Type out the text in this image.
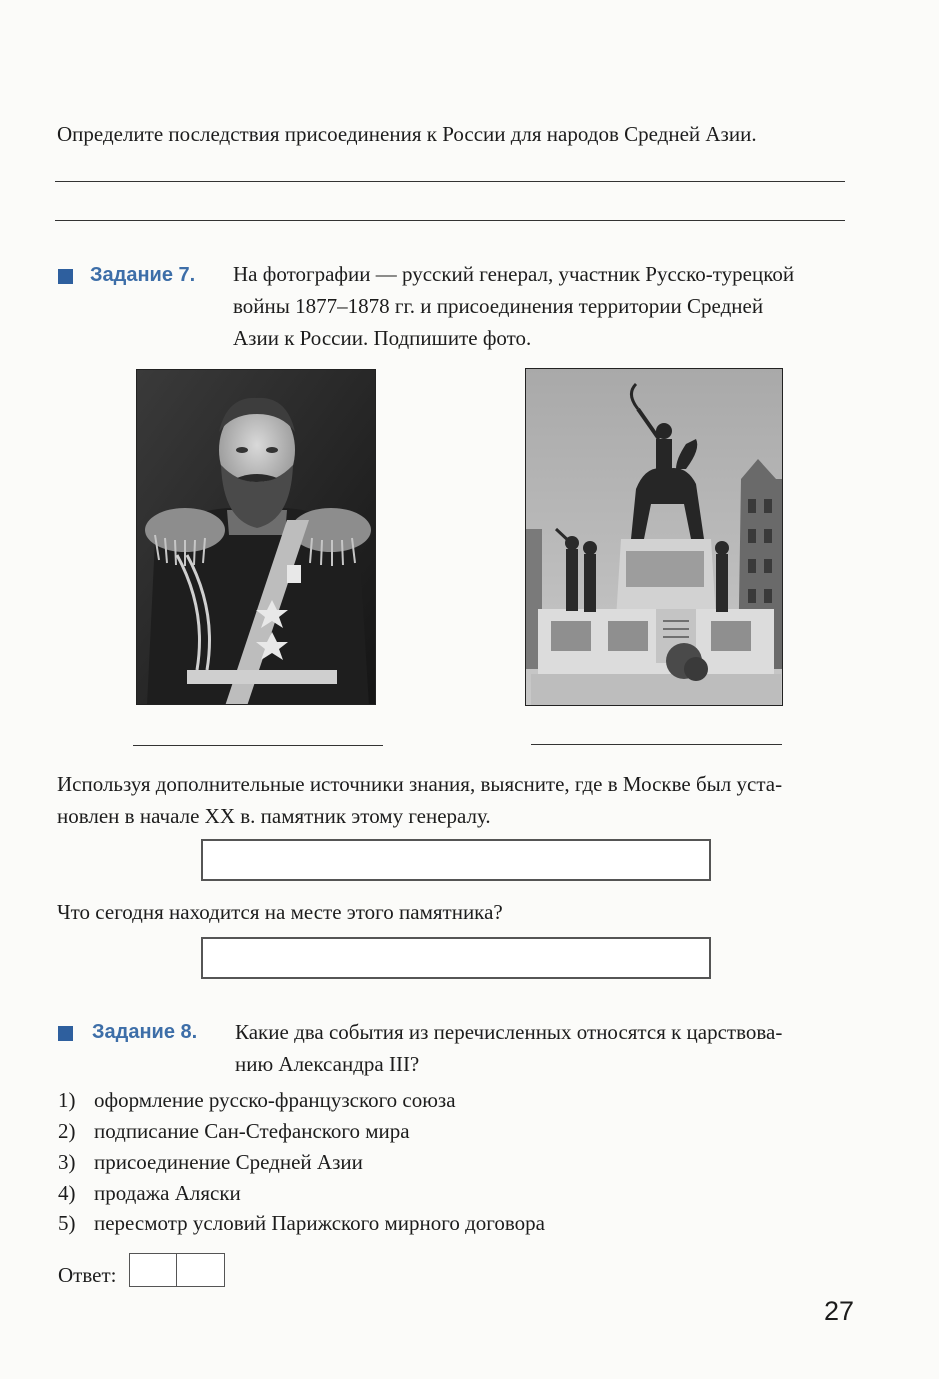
Определите последствия присоединения к России для народов Средней Азии.
Задание 7. На фотографии — русский генерал, участник Русско-турецкой
войны 1877–1878 гг. и присоединения территории Средней
Азии к России. Подпишите фото.
Используя дополнительные источники знания, выясните, где в Москве был уста-
новлен в начале XX в. памятник этому генералу.
Что сегодня находится на месте этого памятника?
Задание 8. Какие два события из перечисленных относятся к царствова-
нию Александра III?
1) оформление русско-французского союза
2) подписание Сан-Стефанского мира
3) присоединение Средней Азии
4) продажа Аляски
5) пересмотр условий Парижского мирного договора
Ответ:
27
